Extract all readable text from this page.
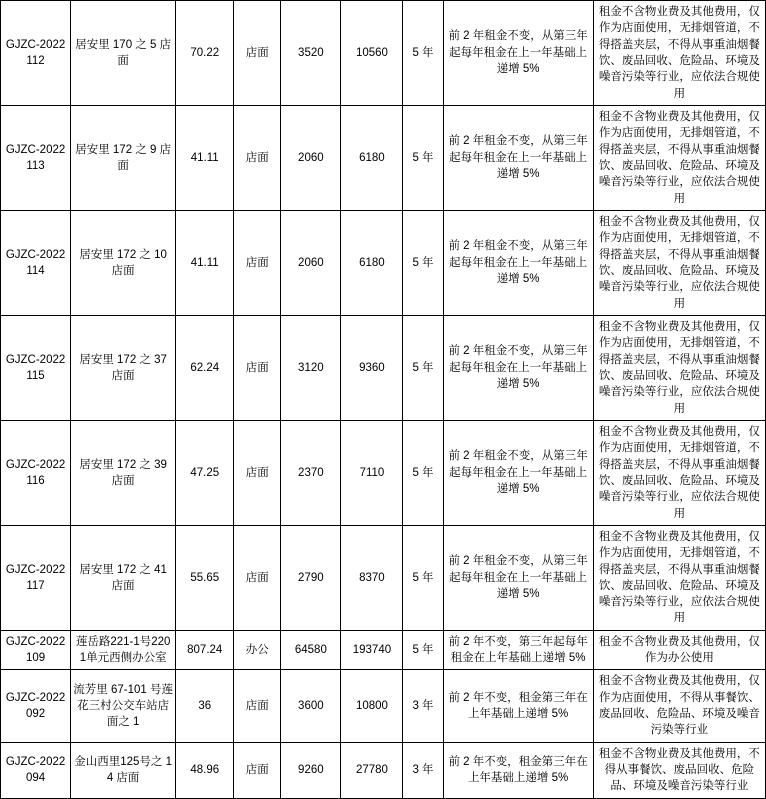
GJZC-2022112	居安里 170 之 5 店面	70.22	店面	3520	10560	5 年	前 2 年租金不变，从第三年起每年租金在上一年基础上递增 5%	租金不含物业费及其他费用，仅作为店面使用，无排烟管道，不得搭盖夹层，不得从事重油烟餐饮、废品回收、危险品、环境及噪音污染等行业，应依法合规使用
GJZC-2022113	居安里 172 之 9 店面	41.11	店面	2060	6180	5 年	前 2 年租金不变，从第三年起每年租金在上一年基础上递增 5%	租金不含物业费及其他费用，仅作为店面使用，无排烟管道，不得搭盖夹层，不得从事重油烟餐饮、废品回收、危险品、环境及噪音污染等行业，应依法合规使用
GJZC-2022114	居安里 172 之 10 店面	41.11	店面	2060	6180	5 年	前 2 年租金不变，从第三年起每年租金在上一年基础上递增 5%	租金不含物业费及其他费用，仅作为店面使用，无排烟管道，不得搭盖夹层，不得从事重油烟餐饮、废品回收、危险品、环境及噪音污染等行业，应依法合规使用
GJZC-2022115	居安里 172 之 37 店面	62.24	店面	3120	9360	5 年	前 2 年租金不变，从第三年起每年租金在上一年基础上递增 5%	租金不含物业费及其他费用，仅作为店面使用，无排烟管道，不得搭盖夹层，不得从事重油烟餐饮、废品回收、危险品、环境及噪音污染等行业，应依法合规使用
GJZC-2022116	居安里 172 之 39 店面	47.25	店面	2370	7110	5 年	前 2 年租金不变，从第三年起每年租金在上一年基础上递增 5%	租金不含物业费及其他费用，仅作为店面使用，无排烟管道，不得搭盖夹层，不得从事重油烟餐饮、废品回收、危险品、环境及噪音污染等行业，应依法合规使用
GJZC-2022117	居安里 172 之 41 店面	55.65	店面	2790	8370	5 年	前 2 年租金不变，从第三年起每年租金在上一年基础上递增 5%	租金不含物业费及其他费用，仅作为店面使用，无排烟管道，不得搭盖夹层，不得从事重油烟餐饮、废品回收、危险品、环境及噪音污染等行业，应依法合规使用
GJZC-2022109	莲岳路221-1号2201单元西侧办公室	807.24	办公	64580	193740	5 年	前 2 年不变，第三年起每年租金在上年基础上递增 5%	租金不含物业费及其他费用，仅作为办公使用
GJZC-2022092	流芳里 67-101 号莲花三村公交车站店面之 1	36	店面	3600	10800	3 年	前 2 年不变，租金第三年在上年基础上递增 5%	租金不含物业费及其他费用，仅作为店面使用，不得从事餐饮、废品回收、危险品、环境及噪音污染等行业
GJZC-2022094	金山西里125号之 14 店面	48.96	店面	9260	27780	3 年	前 2 年不变，租金第三年在上年基础上递增 5%	租金不含物业费及其他费用，不得从事餐饮、废品回收、危险品、环境及噪音污染等行业
